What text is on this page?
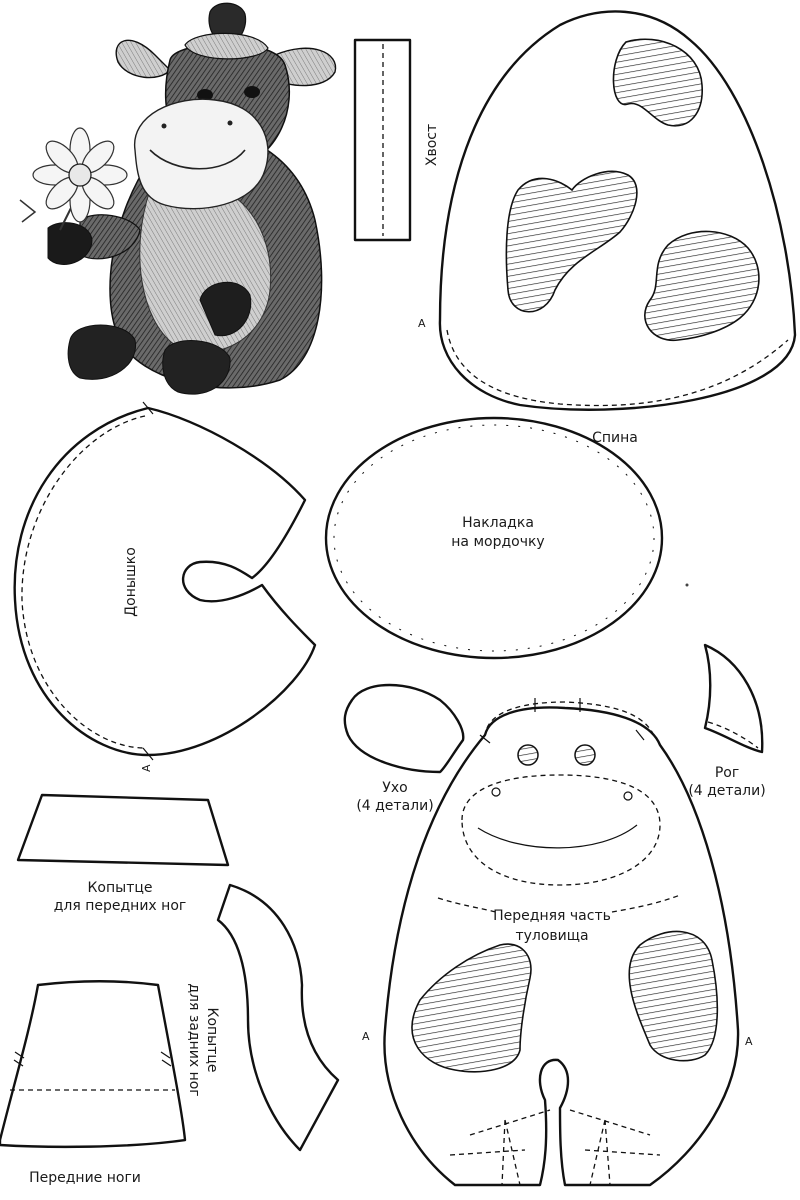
Хвост
A
Спина
Донышко
A
Накладка
на мордочку
Ухо
(4 детали)
Рог
(4 детали)
Передняя часть
туловища
A	A
Копытце
для передних ног
Копытце
для задних ног
Передние ноги
